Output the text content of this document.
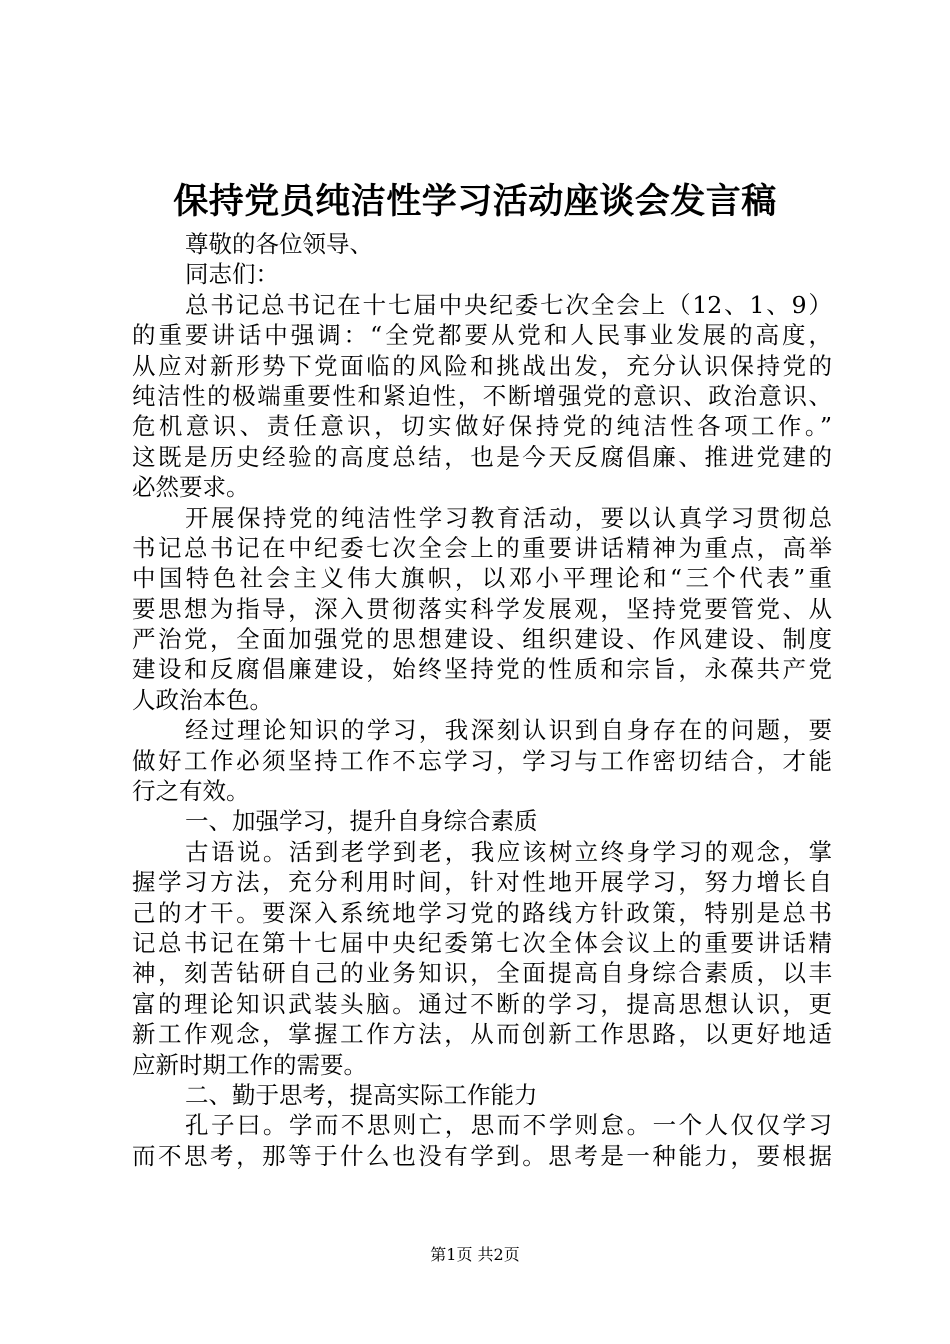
保持党员纯洁性学习活动座谈会发言稿
尊敬的各位领导、
同志们：
总书记总书记在十七届中央纪委七次全会上（12、1、9）
的重要讲话中强调：“全党都要从党和人民事业发展的高度，
从应对新形势下党面临的风险和挑战出发，充分认识保持党的
纯洁性的极端重要性和紧迫性，不断增强党的意识、政治意识、
危机意识、责任意识，切实做好保持党的纯洁性各项工作。”
这既是历史经验的高度总结，也是今天反腐倡廉、推进党建的
必然要求。
开展保持党的纯洁性学习教育活动，要以认真学习贯彻总
书记总书记在中纪委七次全会上的重要讲话精神为重点，高举
中国特色社会主义伟大旗帜，以邓小平理论和“三个代表”重
要思想为指导，深入贯彻落实科学发展观，坚持党要管党、从
严治党，全面加强党的思想建设、组织建设、作风建设、制度
建设和反腐倡廉建设，始终坚持党的性质和宗旨，永葆共产党
人政治本色。
经过理论知识的学习，我深刻认识到自身存在的问题，要
做好工作必须坚持工作不忘学习，学习与工作密切结合，才能
行之有效。
一、加强学习，提升自身综合素质
古语说。活到老学到老，我应该树立终身学习的观念，掌
握学习方法，充分利用时间，针对性地开展学习，努力增长自
己的才干。要深入系统地学习党的路线方针政策，特别是总书
记总书记在第十七届中央纪委第七次全体会议上的重要讲话精
神，刻苦钻研自己的业务知识，全面提高自身综合素质，以丰
富的理论知识武装头脑。通过不断的学习，提高思想认识，更
新工作观念，掌握工作方法，从而创新工作思路，以更好地适
应新时期工作的需要。
二、勤于思考，提高实际工作能力
孔子曰。学而不思则亡，思而不学则怠。一个人仅仅学习
而不思考，那等于什么也没有学到。思考是一种能力，要根据
第1页 共2页
